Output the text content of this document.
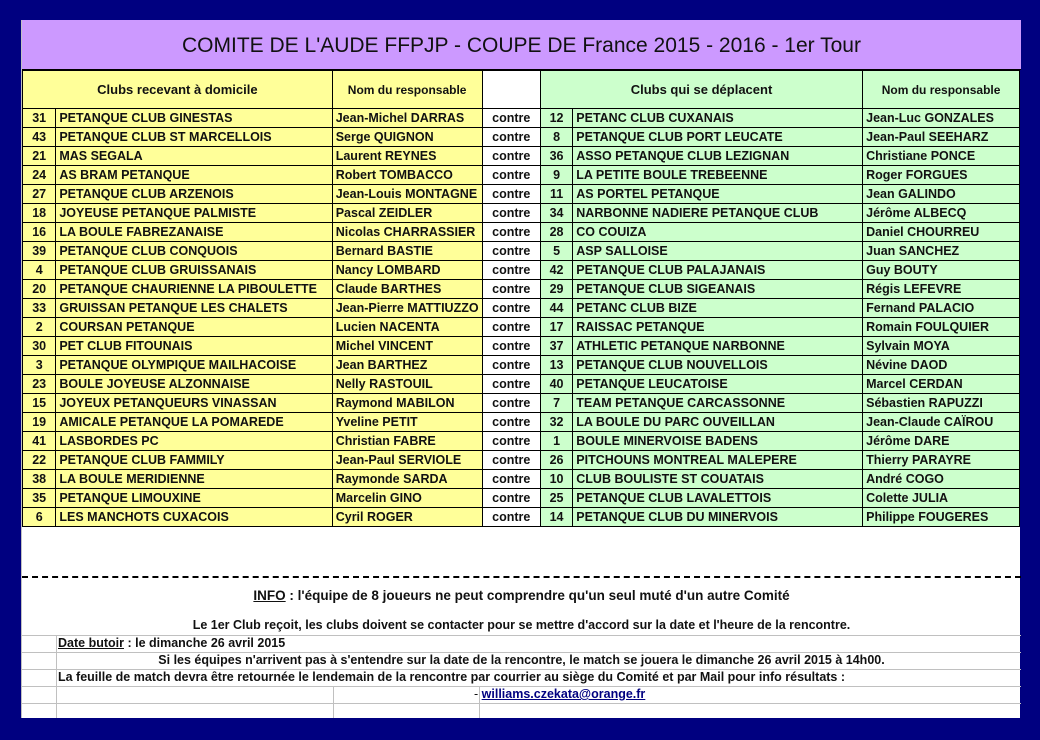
COMITE DE L'AUDE FFPJP - COUPE DE France 2015 - 2016 - 1er Tour
Clubs recevant à domicile		Nom du responsable		Clubs qui se déplacent		Nom du responsable
31	PETANQUE CLUB GINESTAS	Jean-Michel DARRAS	contre	12	PETANC CLUB CUXANAIS	Jean-Luc GONZALES
43	PETANQUE CLUB ST MARCELLOIS	Serge QUIGNON	contre	8	PETANQUE CLUB PORT LEUCATE	Jean-Paul SEEHARZ
21	MAS SEGALA	Laurent REYNES	contre	36	ASSO PETANQUE CLUB LEZIGNAN	Christiane PONCE
24	AS BRAM PETANQUE	Robert TOMBACCO	contre	9	LA PETITE BOULE TREBEENNE	Roger FORGUES
27	PETANQUE CLUB ARZENOIS	Jean-Louis MONTAGNE	contre	11	AS PORTEL PETANQUE	Jean GALINDO
18	JOYEUSE PETANQUE PALMISTE	Pascal ZEIDLER	contre	34	NARBONNE NADIERE PETANQUE CLUB	Jérôme ALBECQ
16	LA BOULE FABREZANAISE	Nicolas CHARRASSIER	contre	28	CO COUIZA	Daniel CHOURREU
39	PETANQUE CLUB CONQUOIS	Bernard BASTIE	contre	5	ASP SALLOISE	Juan SANCHEZ
4	PETANQUE CLUB GRUISSANAIS	Nancy LOMBARD	contre	42	PETANQUE CLUB PALAJANAIS	Guy BOUTY
20	PETANQUE CHAURIENNE LA PIBOULETTE	Claude BARTHES	contre	29	PETANQUE CLUB SIGEANAIS	Régis LEFEVRE
33	GRUISSAN PETANQUE LES CHALETS	Jean-Pierre MATTIUZZO	contre	44	PETANC CLUB BIZE	Fernand PALACIO
2	COURSAN PETANQUE	Lucien NACENTA	contre	17	RAISSAC PETANQUE	Romain FOULQUIER
30	PET CLUB FITOUNAIS	Michel VINCENT	contre	37	ATHLETIC PETANQUE NARBONNE	Sylvain MOYA
3	PETANQUE OLYMPIQUE MAILHACOISE	Jean BARTHEZ	contre	13	PETANQUE CLUB NOUVELLOIS	Névine DAOD
23	BOULE JOYEUSE ALZONNAISE	Nelly RASTOUIL	contre	40	PETANQUE LEUCATOISE	Marcel CERDAN
15	JOYEUX PETANQUEURS VINASSAN	Raymond MABILON	contre	7	TEAM PETANQUE CARCASSONNE	Sébastien RAPUZZI
19	AMICALE PETANQUE LA POMAREDE	Yveline PETIT	contre	32	LA BOULE DU PARC OUVEILLAN	Jean-Claude CAÏROU
41	LASBORDES PC	Christian FABRE	contre	1	BOULE MINERVOISE BADENS	Jérôme DARE
22	PETANQUE CLUB FAMMILY	Jean-Paul SERVIOLE	contre	26	PITCHOUNS MONTREAL MALEPERE	Thierry PARAYRE
38	LA BOULE MERIDIENNE	Raymonde SARDA	contre	10	CLUB BOULISTE ST COUATAIS	André COGO
35	PETANQUE LIMOUXINE	Marcelin GINO	contre	25	PETANQUE CLUB LAVALETTOIS	Colette JULIA
6	LES MANCHOTS CUXACOIS	Cyril ROGER	contre	14	PETANQUE CLUB DU MINERVOIS	Philippe FOUGERES
INFO : l'équipe de 8 joueurs ne peut comprendre qu'un seul muté d'un autre Comité
Le 1er Club reçoit, les clubs doivent se contacter pour se mettre d'accord sur la date et l'heure de la rencontre.
Date butoir : le dimanche 26 avril 2015
Si les équipes n'arrivent pas à s'entendre sur la date de la rencontre, le match se jouera le dimanche 26 avril 2015 à 14h00.
La feuille de match devra être retournée le lendemain de la rencontre par courrier au siège du Comité et par Mail pour info résultats :
- williams.czekata@orange.fr
